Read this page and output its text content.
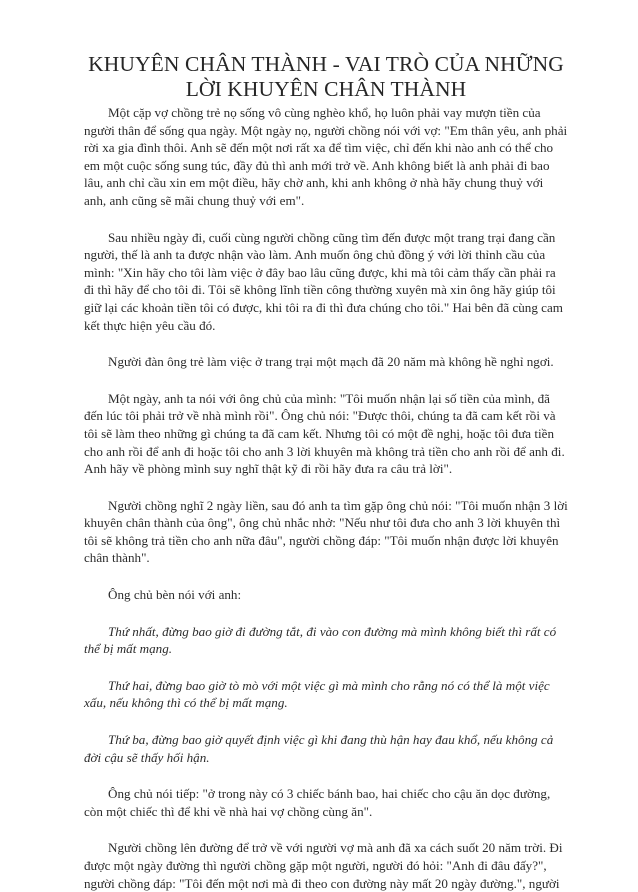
KHUYÊN CHÂN THÀNH - VAI TRÒ CỦA NHỮNG
LỜI KHUYÊN CHÂN THÀNH

Một cặp vợ chồng trẻ nọ sống vô cùng nghèo khổ, họ luôn phải vay mượn tiền của người thân để sống qua ngày. Một ngày nọ, người chồng nói với vợ: "Em thân yêu, anh phải rời xa gia đình thôi. Anh sẽ đến một nơi rất xa để tìm việc, chỉ đến khi nào anh có thể cho em một cuộc sống sung túc, đầy đủ thì anh mới trở về. Anh không biết là anh phải đi bao lâu, anh chỉ cầu xin em một điều, hãy chờ anh, khi anh không ở nhà hãy chung thuỷ với anh, anh cũng sẽ mãi chung thuỷ với em".

Sau nhiều ngày đi, cuối cùng người chồng cũng tìm đến được một trang trại đang cần người, thế là anh ta được nhận vào làm. Anh muốn ông chủ đồng ý với lời thỉnh cầu của mình: "Xin hãy cho tôi làm việc ở đây bao lâu cũng được, khi mà tôi cảm thấy cần phải ra đi thì hãy để cho tôi đi. Tôi sẽ không lĩnh tiền công thường xuyên mà xin ông hãy giúp tôi giữ lại các khoản tiền tôi có được, khi tôi ra đi thì đưa chúng cho tôi." Hai bên đã cùng cam kết thực hiện yêu cầu đó.

Người đàn ông trẻ làm việc ở trang trại một mạch đã 20 năm mà không hề nghỉ ngơi.

Một ngày, anh ta nói với ông chủ của mình: "Tôi muốn nhận lại số tiền của mình, đã đến lúc tôi phải trở về nhà mình rồi". Ông chủ nói: "Được thôi, chúng ta đã cam kết rồi và tôi sẽ làm theo những gì chúng ta đã cam kết. Nhưng tôi có một đề nghị, hoặc tôi đưa tiền cho anh rồi để anh đi hoặc tôi cho anh 3 lời khuyên mà không trả tiền cho anh rồi để anh đi. Anh hãy về phòng mình suy nghĩ thật kỹ đi rồi hãy đưa ra câu trả lời".

Người chồng nghĩ 2 ngày liền, sau đó anh ta tìm gặp ông chủ nói: "Tôi muốn nhận 3 lời khuyên chân thành của ông", ông chủ nhắc nhở: "Nếu như tôi đưa cho anh 3 lời khuyên thì tôi sẽ không trả tiền cho anh nữa đâu", người chồng đáp: "Tôi muốn nhận được lời khuyên chân thành".

Ông chủ bèn nói với anh:

Thứ nhất, đừng bao giờ đi đường tắt, đi vào con đường mà mình không biết thì rất có thể bị mất mạng.

Thứ hai, đừng bao giờ tò mò với một việc gì mà mình cho rằng nó có thể là một việc xấu, nếu không thì có thể bị mất mạng.

Thứ ba, đừng bao giờ quyết định việc gì khi đang thù hận hay đau khổ, nếu không cả đời cậu sẽ thấy hối hận.

Ông chủ nói tiếp: "ở trong này có 3 chiếc bánh bao, hai chiếc cho cậu ăn dọc đường, còn một chiếc thì để khi về nhà hai vợ chồng cùng ăn".

Người chồng lên đường để trở về với người vợ mà anh đã xa cách suốt 20 năm trời. Đi được một ngày đường thì người chồng gặp một người, người đó hỏi: "Anh đi đâu đấy?", người chồng đáp: "Tôi đến một nơi mà đi theo con đường này mất 20 ngày đường.", người
